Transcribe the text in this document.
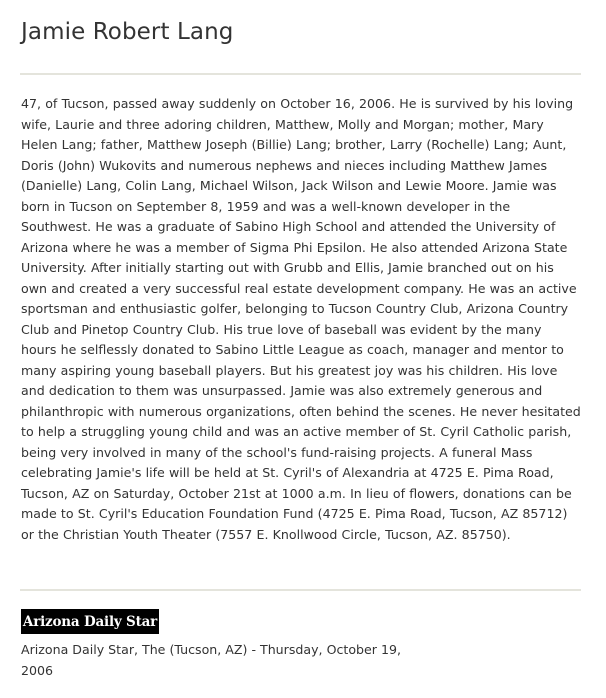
Jamie Robert Lang

47, of Tucson, passed away suddenly on October 16, 2006. He is survived by his loving wife, Laurie and three adoring children, Matthew, Molly and Morgan; mother, Mary Helen Lang; father, Matthew Joseph (Billie) Lang; brother, Larry (Rochelle) Lang; Aunt, Doris (John) Wukovits and numerous nephews and nieces including Matthew James (Danielle) Lang, Colin Lang, Michael Wilson, Jack Wilson and Lewie Moore. Jamie was born in Tucson on September 8, 1959 and was a well-known developer in the Southwest. He was a graduate of Sabino High School and attended the University of Arizona where he was a member of Sigma Phi Epsilon. He also attended Arizona State University. After initially starting out with Grubb and Ellis, Jamie branched out on his own and created a very successful real estate development company. He was an active sportsman and enthusiastic golfer, belonging to Tucson Country Club, Arizona Country Club and Pinetop Country Club. His true love of baseball was evident by the many hours he selflessly donated to Sabino Little League as coach, manager and mentor to many aspiring young baseball players. But his greatest joy was his children. His love and dedication to them was unsurpassed. Jamie was also extremely generous and philanthropic with numerous organizations, often behind the scenes. He never hesitated to help a struggling young child and was an active member of St. Cyril Catholic parish, being very involved in many of the school's fund-raising projects. A funeral Mass celebrating Jamie's life will be held at St. Cyril's of Alexandria at 4725 E. Pima Road, Tucson, AZ on Saturday, October 21st at 1000 a.m. In lieu of flowers, donations can be made to St. Cyril's Education Foundation Fund (4725 E. Pima Road, Tucson, AZ 85712) or the Christian Youth Theater (7557 E. Knollwood Circle, Tucson, AZ. 85750).

Arizona Daily Star

Arizona Daily Star, The (Tucson, AZ) - Thursday, October 19, 2006
